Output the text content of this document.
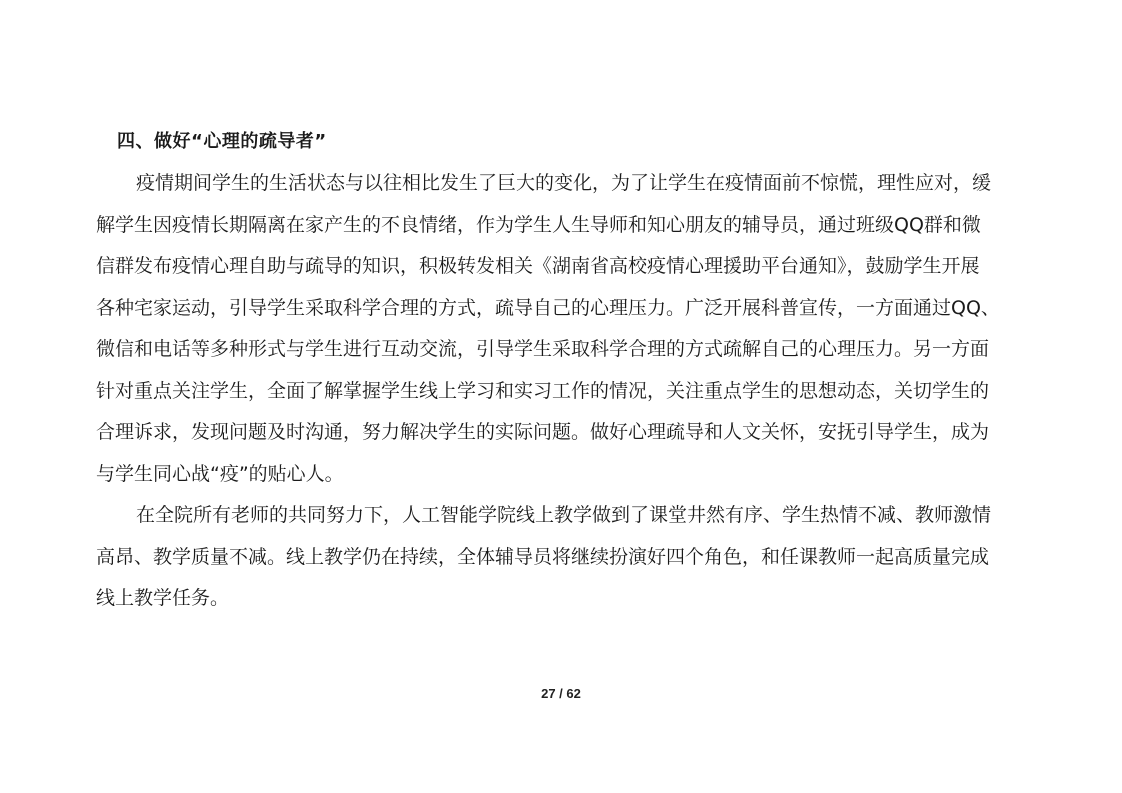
四、做好“心理的疏导者”
疫情期间学生的生活状态与以往相比发生了巨大的变化，为了让学生在疫情面前不惊慌，理性应对，缓
解学生因疫情长期隔离在家产生的不良情绪，作为学生人生导师和知心朋友的辅导员，通过班级QQ群和微
信群发布疫情心理自助与疏导的知识，积极转发相关《湖南省高校疫情心理援助平台通知》，鼓励学生开展
各种宅家运动，引导学生采取科学合理的方式，疏导自己的心理压力。广泛开展科普宣传，一方面通过QQ、
微信和电话等多种形式与学生进行互动交流，引导学生采取科学合理的方式疏解自己的心理压力。另一方面
针对重点关注学生，全面了解掌握学生线上学习和实习工作的情况，关注重点学生的思想动态，关切学生的
合理诉求，发现问题及时沟通，努力解决学生的实际问题。做好心理疏导和人文关怀，安抚引导学生，成为
与学生同心战“疫”的贴心人。
在全院所有老师的共同努力下，人工智能学院线上教学做到了课堂井然有序、学生热情不减、教师激情
高昂、教学质量不减。线上教学仍在持续，全体辅导员将继续扮演好四个角色，和任课教师一起高质量完成
线上教学任务。
27 / 62
